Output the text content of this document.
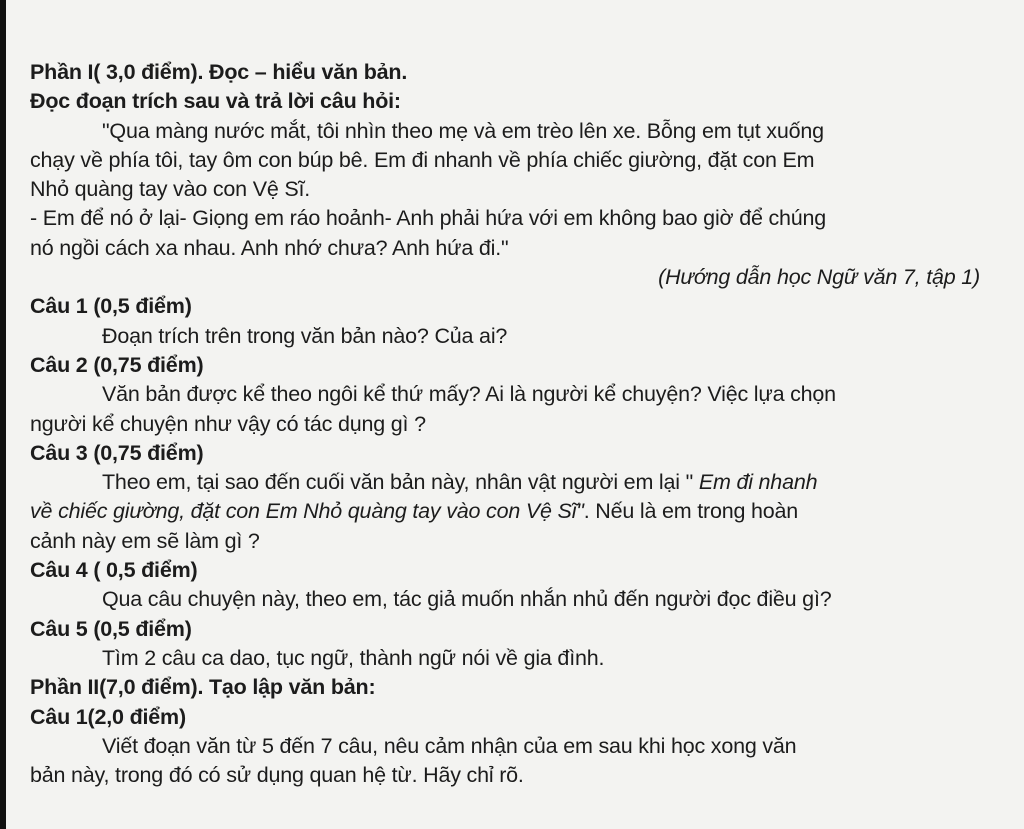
Phần I( 3,0 điểm). Đọc – hiểu văn bản.
Đọc đoạn trích sau và trả lời câu hỏi:
"Qua màng nước mắt, tôi nhìn theo mẹ và em trèo lên xe. Bỗng em tụt xuống
chạy về phía tôi, tay ôm con búp bê. Em đi nhanh về phía chiếc giường, đặt con Em
Nhỏ quàng tay vào con Vệ Sĩ.
- Em để nó ở lại- Giọng em ráo hoảnh- Anh phải hứa với em không bao giờ để chúng
nó ngồi cách xa nhau. Anh nhớ chưa? Anh hứa đi."
(Hướng dẫn học Ngữ văn 7, tập 1)
Câu 1 (0,5 điểm)
Đoạn trích trên trong văn bản nào? Của ai?
Câu 2 (0,75 điểm)
Văn bản được kể theo ngôi kể thứ mấy? Ai là người kể chuyện? Việc lựa chọn
người kể chuyện như vậy có tác dụng gì ?
Câu 3 (0,75 điểm)
Theo em, tại sao đến cuối văn bản này, nhân vật người em lại " Em đi nhanh
về chiếc giường, đặt con Em Nhỏ quàng tay vào con Vệ Sĩ". Nếu là em trong hoàn
cảnh này em sẽ làm gì ?
Câu 4 ( 0,5 điểm)
Qua câu chuyện này, theo em, tác giả muốn nhắn nhủ đến người đọc điều gì?
Câu 5 (0,5 điểm)
Tìm 2 câu ca dao, tục ngữ, thành ngữ nói về gia đình.
Phần II(7,0 điểm). Tạo lập văn bản:
Câu 1(2,0 điểm)
Viết đoạn văn từ 5 đến 7 câu, nêu cảm nhận của em sau khi học xong văn
bản này, trong đó có sử dụng quan hệ từ. Hãy chỉ rõ.
